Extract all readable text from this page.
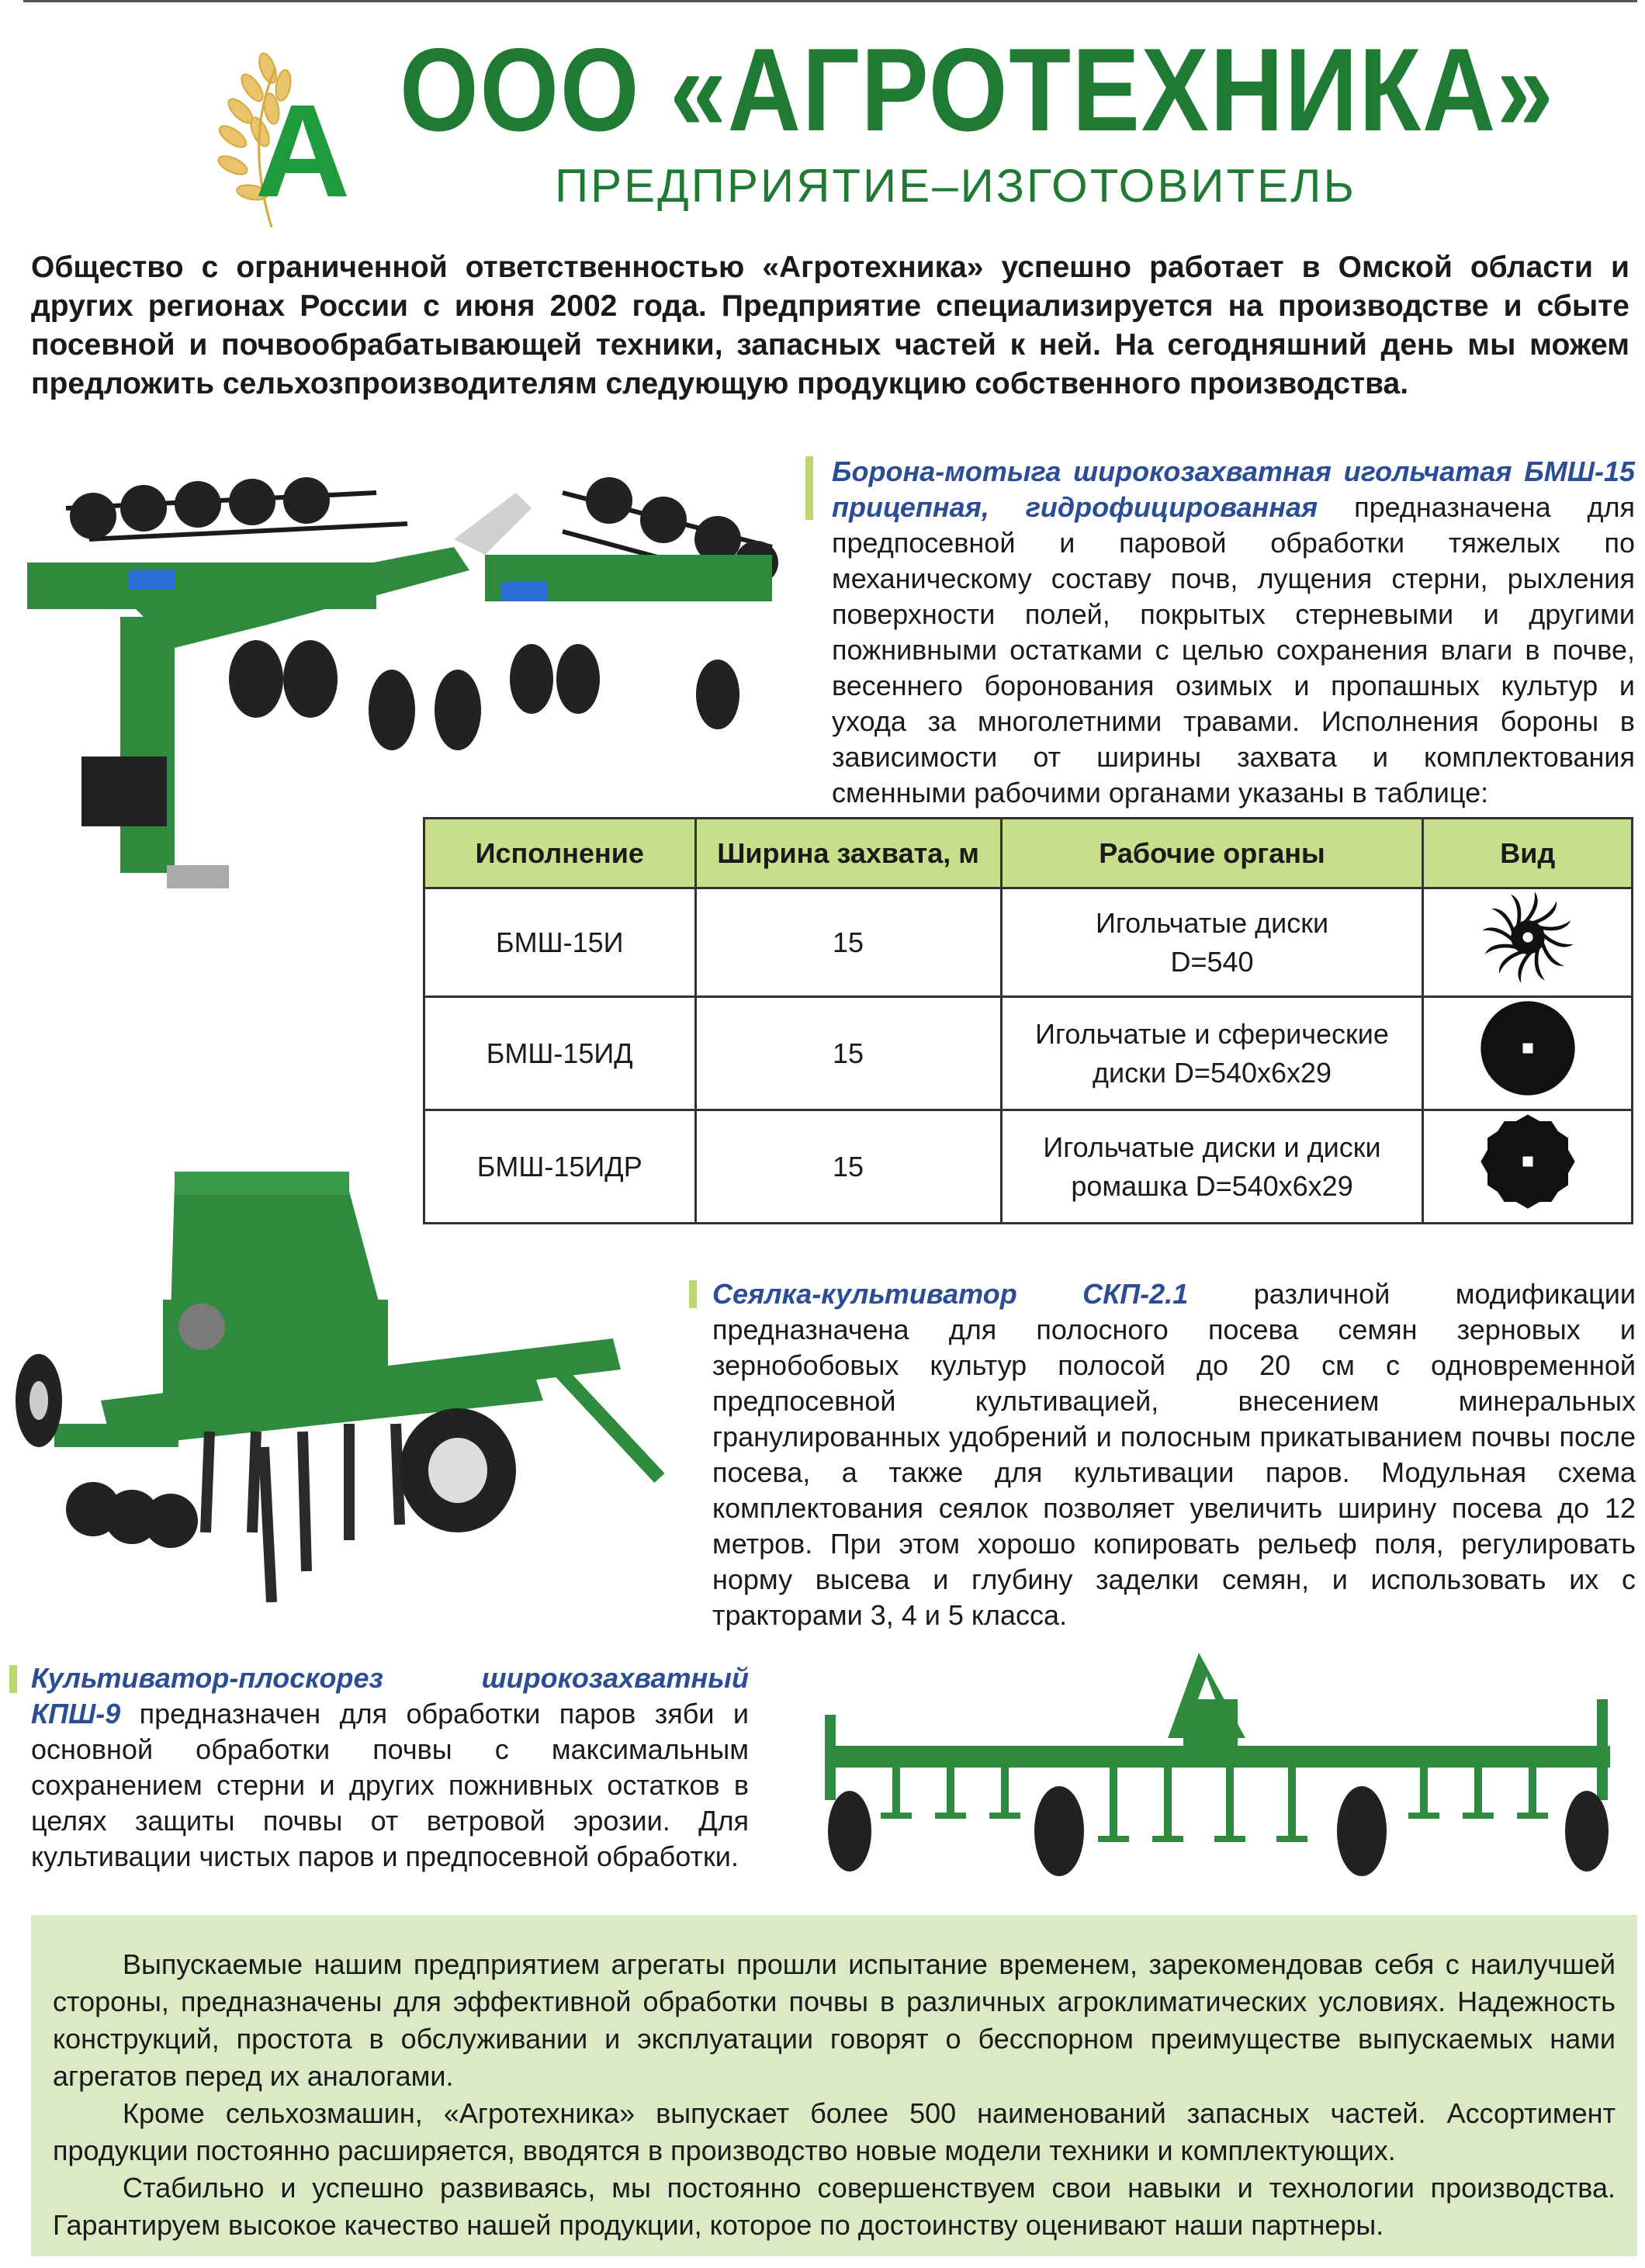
А ООО «АГРОТЕХНИКА»
ПРЕДПРИЯТИЕ–ИЗГОТОВИТЕЛЬ
Общество с ограниченной ответственностью «Агротехника» успешно работает в Омской области и других регионах России с июня 2002 года. Предприятие специализируется на производстве и сбыте посевной и почвообрабатывающей техники, запасных частей к ней. На сегодняшний день мы можем предложить сельхозпроизводителям следующую продукцию собственного производства.
Борона-мотыга широкозахватная игольчатая БМШ-15 прицепная, гидрофицированная предназначена для предпосевной и паровой обработки тяжелых по механическому составу почв, лущения стерни, рыхления поверхности полей, покрытых стерневыми и другими пожнивными остатками с целью сохранения влаги в почве, весеннего боронования озимых и пропашных культур и ухода за многолетними травами. Исполнения бороны в зависимости от ширины захвата и комплектования сменными рабочими органами указаны в таблице:
Исполнение	Ширина захвата, м	Рабочие органы	Вид
БМШ-15И	15	Игольчатые диски
D=540	
БМШ-15ИД	15	Игольчатые и сферические
диски D=540х6х29	
БМШ-15ИДР	15	Игольчатые диски и диски
ромашка D=540х6х29	
Сеялка-культиватор СКП-2.1 различной модификации предназначена для полосного посева семян зерновых и зернобобовых культур полосой до 20 см с одновременной предпосевной культивацией, внесением минеральных гранулированных удобрений и полосным прикатыванием почвы после посева, а также для культивации паров. Модульная схема комплектования сеялок позволяет увеличить ширину посева до 12 метров. При этом хорошо копировать рельеф поля, регулировать норму высева и глубину заделки семян, и использовать их с тракторами 3, 4 и 5 класса.
Культиватор-плоскорез широкозахватный КПШ-9 предназначен для обработки паров зяби и основной обработки почвы с максимальным сохранением стерни и других пожнивных остатков в целях защиты почвы от ветровой эрозии. Для культивации чистых паров и предпосевной обработки.

Выпускаемые нашим предприятием агрегаты прошли испытание временем, зарекомендовав себя с наилучшей стороны, предназначены для эффективной обработки почвы в различных агроклиматических условиях. Надежность конструкций, простота в обслуживании и эксплуатации говорят о бесспорном преимуществе выпускаемых нами агрегатов перед их аналогами.

Кроме сельхозмашин, «Агротехника» выпускает более 500 наименований запасных частей. Ассортимент продукции постоянно расширяется, вводятся в производство новые модели техники и комплектующих.

Стабильно и успешно развиваясь, мы постоянно совершенствуем свои навыки и технологии производства. Гарантируем высокое качество нашей продукции, которое по достоинству оценивают наши партнеры.
